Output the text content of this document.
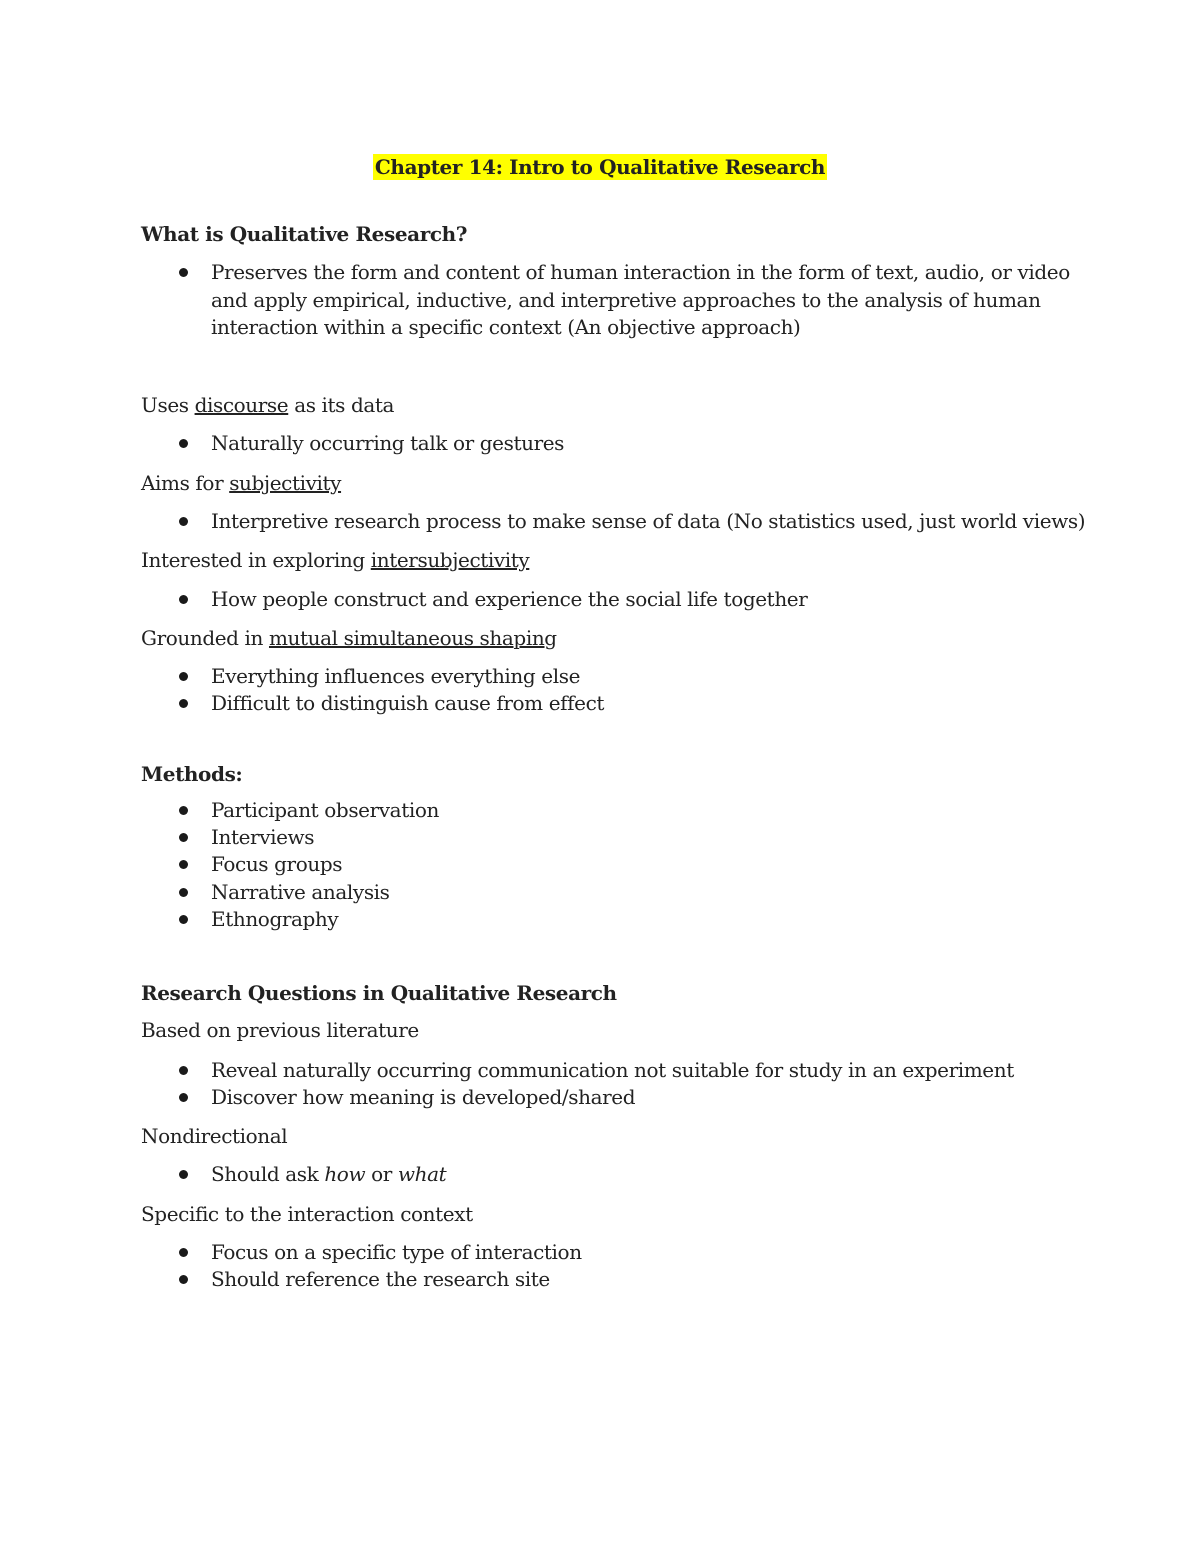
Chapter 14: Intro to Qualitative Research
What is Qualitative Research?
Preserves the form and content of human interaction in the form of text, audio, or video
and apply empirical, inductive, and interpretive approaches to the analysis of human
interaction within a specific context (An objective approach)
Uses discourse as its data
Naturally occurring talk or gestures
Aims for subjectivity
Interpretive research process to make sense of data (No statistics used, just world views)
Interested in exploring intersubjectivity
How people construct and experience the social life together
Grounded in mutual simultaneous shaping
Everything influences everything else
Difficult to distinguish cause from effect
Methods:
Participant observation
Interviews
Focus groups
Narrative analysis
Ethnography
Research Questions in Qualitative Research
Based on previous literature
Reveal naturally occurring communication not suitable for study in an experiment
Discover how meaning is developed/shared
Nondirectional
Should ask how or what
Specific to the interaction context
Focus on a specific type of interaction
Should reference the research site
